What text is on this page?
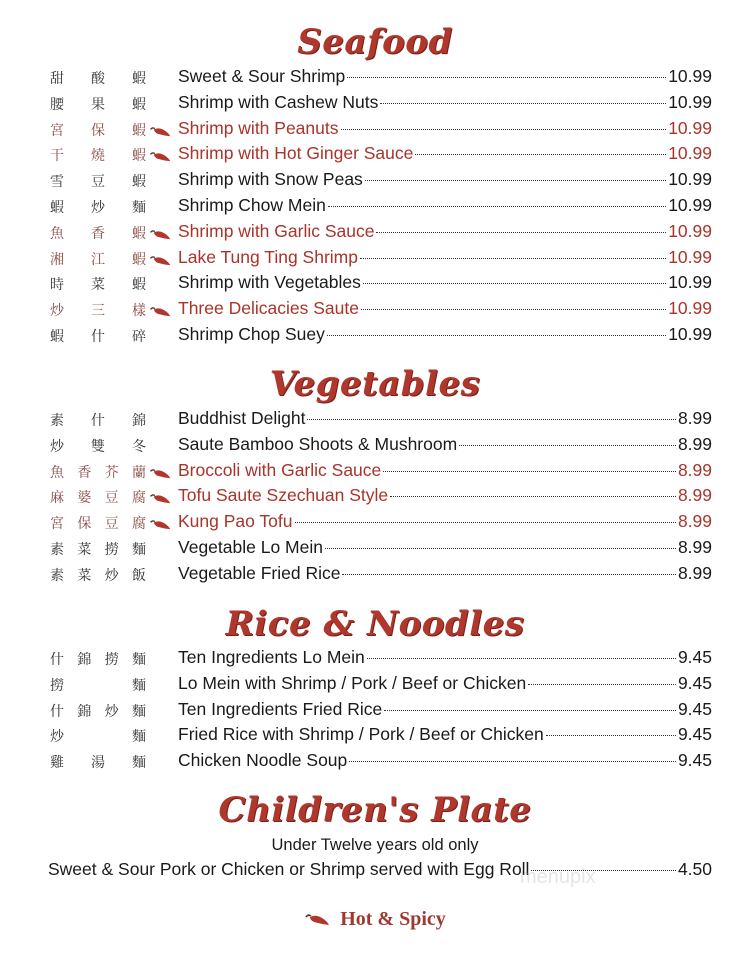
Seafood
甜 酸 蝦 Sweet & Sour Shrimp	10.99
腰 果 蝦 Shrimp with Cashew Nuts	10.99
宮 保 蝦 Shrimp with Peanuts	10.99
干 燒 蝦 Shrimp with Hot Ginger Sauce	10.99
雪 豆 蝦 Shrimp with Snow Peas	10.99
蝦 炒 麵 Shrimp Chow Mein	10.99
魚 香 蝦 Shrimp with Garlic Sauce	10.99
湘 江 蝦 Lake Tung Ting Shrimp	10.99
時 菜 蝦 Shrimp with Vegetables	10.99
炒 三 樣 Three Delicacies Saute	10.99
蝦 什 碎 Shrimp Chop Suey	10.99
Vegetables
素 什 錦 Buddhist Delight	8.99
炒 雙 冬 Saute Bamboo Shoots & Mushroom	8.99
魚 香 芥 蘭 Broccoli with Garlic Sauce	8.99
麻 婆 豆 腐 Tofu Saute Szechuan Style	8.99
宮 保 豆 腐 Kung Pao Tofu	8.99
素 菜 撈 麵 Vegetable Lo Mein	8.99
素 菜 炒 飯 Vegetable Fried Rice	8.99
Rice & Noodles
什 錦 撈 麵 Ten Ingredients Lo Mein	9.45
撈	麵 Lo Mein with Shrimp / Pork / Beef or Chicken	9.45
什 錦 炒 麵 Ten Ingredients Fried Rice	9.45
炒	麵 Fried Rice with Shrimp / Pork / Beef or Chicken	9.45
雞 湯 麵 Chicken Noodle Soup	9.45
Children's Plate
Under Twelve years old only
Sweet & Sour Pork or Chicken or Shrimp served with Egg Roll	4.50
menupix
Hot & Spicy
